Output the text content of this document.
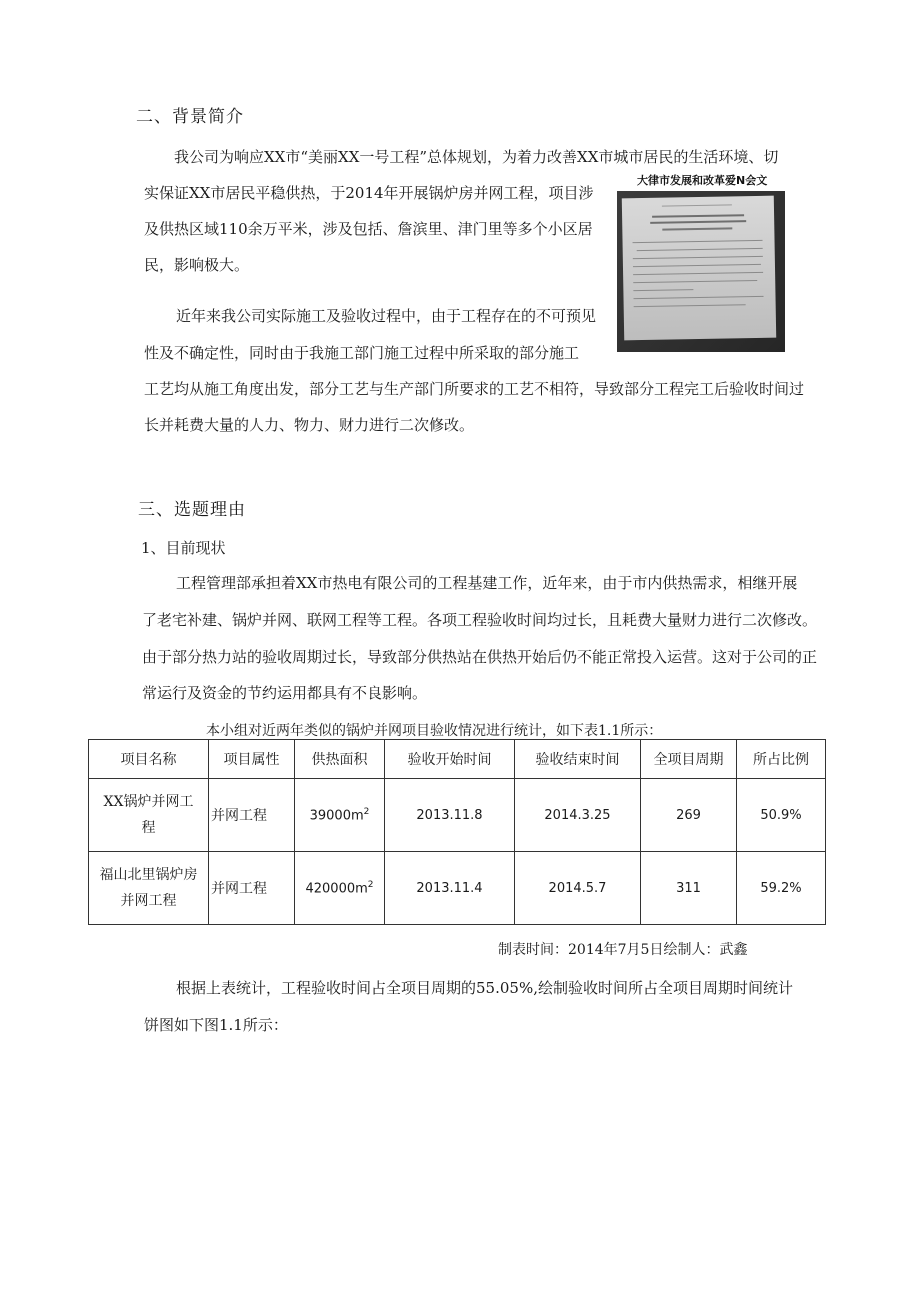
二、背景简介
我公司为响应XX市“美丽XX一号工程”总体规划，为着力改善XX市城市居民的生活环境、切
实保证XX市居民平稳供热，于2014年开展锅炉房并网工程，项目涉
及供热区域110余万平米，涉及包括、詹滨里、津门里等多个小区居
民，影响极大。
近年来我公司实际施工及验收过程中，由于工程存在的不可预见
性及不确定性，同时由于我施工部门施工过程中所采取的部分施工
工艺均从施工角度出发，部分工艺与生产部门所要求的工艺不相符，导致部分工程完工后验收时间过
长并耗费大量的人力、物力、财力进行二次修改。
大律市发展和改革爱N会文
三、选题理由
1、目前现状
工程管理部承担着XX市热电有限公司的工程基建工作，近年来，由于市内供热需求，相继开展
了老宅补建、锅炉并网、联网工程等工程。各项工程验收时间均过长，且耗费大量财力进行二次修改。
由于部分热力站的验收周期过长，导致部分供热站在供热开始后仍不能正常投入运营。这对于公司的正
常运行及资金的节约运用都具有不良影响。
本小组对近两年类似的锅炉并网项目验收情况进行统计，如下表1.1所示：
项目名称	项目属性	供热面积	验收开始时间	验收结束时间	全项目周期	所占比例

XX锅炉并网工
程	并网工程	$39000m^2$	2013.11.8	2014.3.25	269	50.9%

福山北里锅炉房
并网工程	并网工程	$420000m^2$	2013.11.4	2014.5.7	311	59.2%
制表时间：2014年7月5日绘制人：武鑫
根据上表统计，工程验收时间占全项目周期的55.05%,绘制验收时间所占全项目周期时间统计
饼图如下图1.1所示：
